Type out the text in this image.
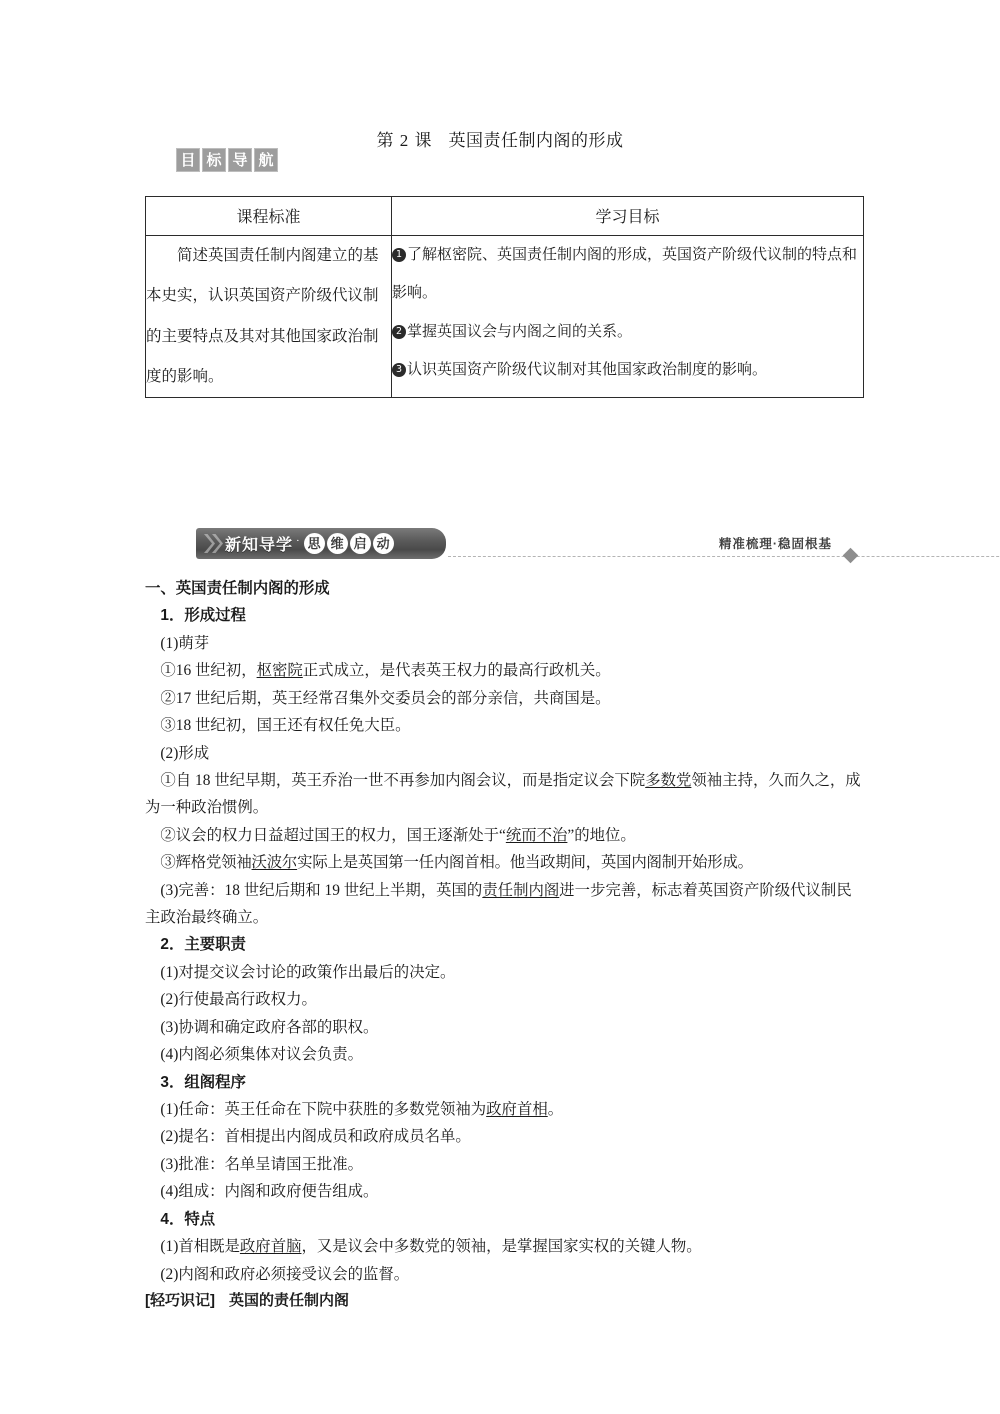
第 2 课 英国责任制内阁的形成
目 标 导 航
课程标准	学习目标
简述英国责任制内阁建立的基本史实，认识英国资产阶级代议制的主要特点及其对其他国家政治制度的影响。	1 了解枢密院、英国责任制内阁的形成，英国资产阶级代议制的特点和影响。

2 掌握英国议会与内阁之间的关系。

3 认识英国资产阶级代议制对其他国家政治制度的影响。

新知导学 · 思 维 启 动	精准梳理·稳固根基

一、英国责任制内阁的形成

1．形成过程

(1)萌芽

①16 世纪初，枢密院正式成立，是代表英王权力的最高行政机关。

②17 世纪后期，英王经常召集外交委员会的部分亲信，共商国是。

③18 世纪初，国王还有权任免大臣。

(2)形成

①自 18 世纪早期，英王乔治一世不再参加内阁会议，而是指定议会下院多数党领袖主持，久而久之，成为一种政治惯例。

②议会的权力日益超过国王的权力，国王逐渐处于“统而不治”的地位。

③辉格党领袖沃波尔实际上是英国第一任内阁首相。他当政期间，英国内阁制开始形成。

(3)完善：18 世纪后期和 19 世纪上半期，英国的责任制内阁进一步完善，标志着英国资产阶级代议制民主政治最终确立。

2．主要职责

(1)对提交议会讨论的政策作出最后的决定。

(2)行使最高行政权力。

(3)协调和确定政府各部的职权。

(4)内阁必须集体对议会负责。

3．组阁程序

(1)任命：英王任命在下院中获胜的多数党领袖为政府首相。

(2)提名：首相提出内阁成员和政府成员名单。

(3)批准：名单呈请国王批准。

(4)组成：内阁和政府便告组成。

4．特点

(1)首相既是政府首脑，又是议会中多数党的领袖，是掌握国家实权的关键人物。

(2)内阁和政府必须接受议会的监督。

[轻巧识记] 英国的责任制内阁
